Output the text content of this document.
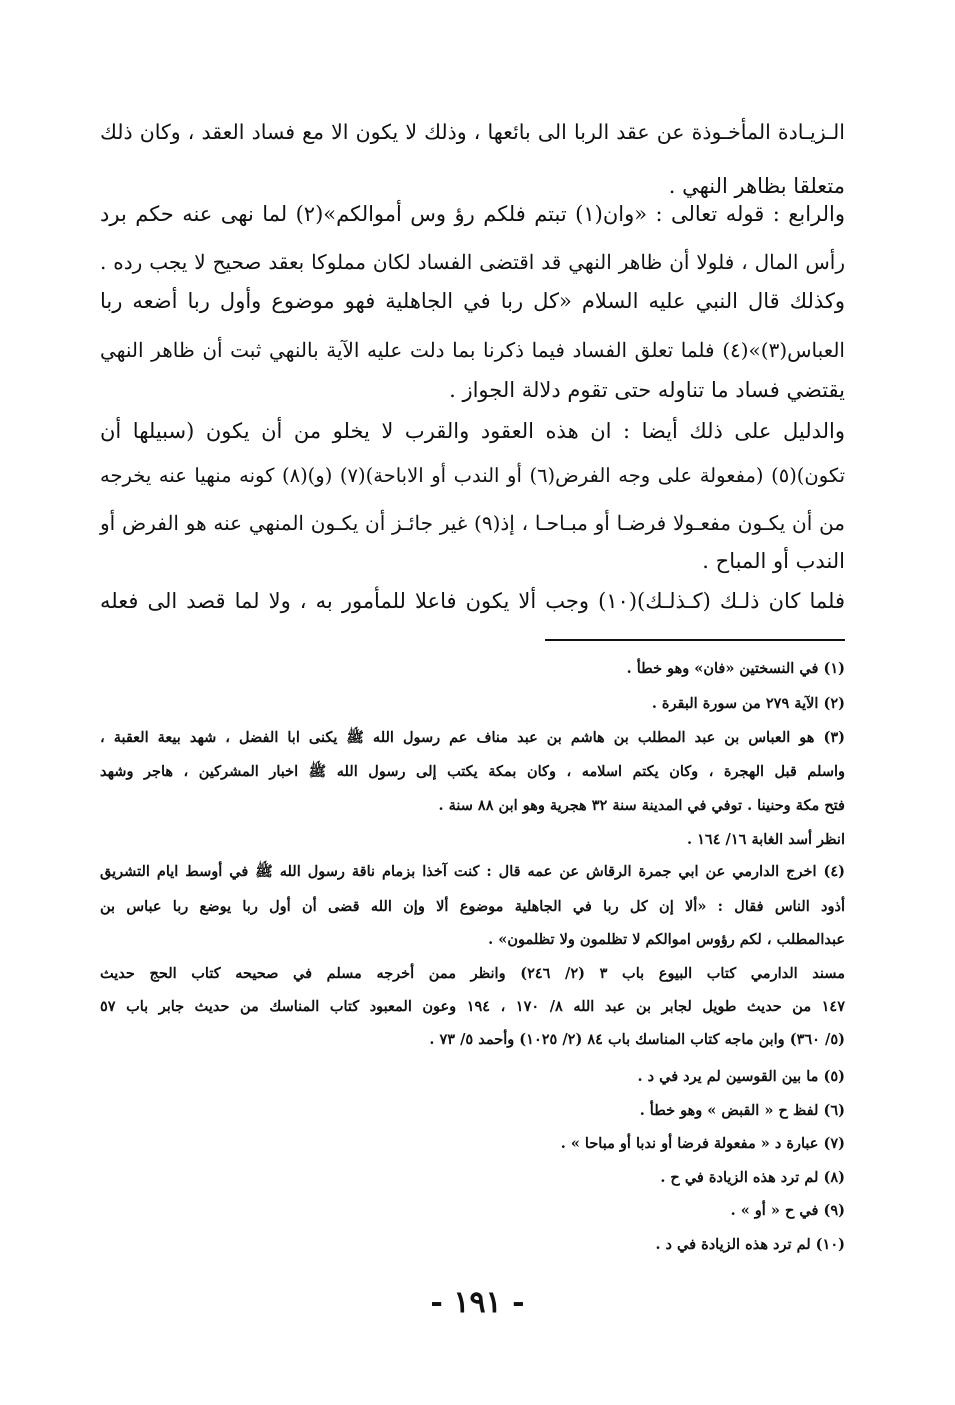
الـزيـادة المأخـوذة عن عقد الربا الى بائعها ، وذلك لا يكون الا مع فساد العقد ، وكان ذلك
متعلقا بظاهر النهي .
والرابع : قوله تعالى : «وان(١) تبتم فلكم رؤ وس أموالكم»(٢) لما نهى عنه حكم برد
رأس المال ، فلولا أن ظاهر النهي قد اقتضى الفساد لكان مملوكا بعقد صحيح لا يجب رده .
وكذلك قال النبي عليه السلام «كل ربا في الجاهلية فهو موضوع وأول ربا أضعه ربا
العباس(٣)»(٤) فلما تعلق الفساد فيما ذكرنا بما دلت عليه الآية بالنهي ثبت أن ظاهر النهي
يقتضي فساد ما تناوله حتى تقوم دلالة الجواز .
والدليل على ذلك أيضا : ان هذه العقود والقرب لا يخلو من أن يكون (سبيلها أن
تكون)(٥) (مفعولة على وجه الفرض(٦) أو الندب أو الاباحة)(٧) (و)(٨) كونه منهيا عنه يخرجه
من أن يكـون مفعـولا فرضـا أو مبـاحـا ، إذ(٩) غير جائـز أن يكـون المنهي عنه هو الفرض أو
الندب أو المباح .
فلما كان ذلـك (كـذلـك)(١٠) وجب ألا يكون فاعلا للمأمور به ، ولا لما قصد الى فعله
(١) في النسختين «فان» وهو خطأ .
(٢) الآية ٢٧٩ من سورة البقرة .
(٣) هو العباس بن عبد المطلب بن هاشم بن عبد مناف عم رسول الله ﷺ يكنى ابا الفضل ، شهد بيعة العقبة ،
واسلم قبل الهجرة ، وكان يكتم اسلامه ، وكان بمكة يكتب إلى رسول الله ﷺ اخبار المشركين ، هاجر وشهد
فتح مكة وحنينا . توفي في المدينة سنة ٣٢ هجرية وهو ابن ٨٨ سنة .
انظر أسد الغابة ١٦/ ١٦٤ .
(٤) اخرج الدارمي عن ابي جمرة الرقاش عن عمه قال : كنت آخذا بزمام ناقة رسول الله ﷺ في أوسط ايام التشريق
أذود الناس فقال : «ألا إن كل ربا في الجاهلية موضوع ألا وإن الله قضى أن أول ربا يوضع ربا عباس بن
عبدالمطلب ، لكم رؤوس اموالكم لا تظلمون ولا تظلمون» .
مسند الدارمي كتاب البيوع باب ٣ (٢/ ٢٤٦) وانظر ممن أخرجه مسلم في صحيحه كتاب الحج حديث
١٤٧ من حديث طويل لجابر بن عبد الله ٨/ ١٧٠ ، ١٩٤ وعون المعبود كتاب المناسك من حديث جابر باب ٥٧
(٥/ ٣٦٠) وابن ماجه كتاب المناسك باب ٨٤ (٢/ ١٠٢٥) وأحمد ٥/ ٧٣ .
(٥) ما بين القوسين لم يرد في د .
(٦) لفظ ح « القبض » وهو خطأ .
(٧) عبارة د « مفعولة فرضا أو ندبا أو مباحا » .
(٨) لم ترد هذه الزيادة في ح .
(٩) في ح « أو » .
(١٠) لم ترد هذه الزيادة في د .
- ١٩١ -
